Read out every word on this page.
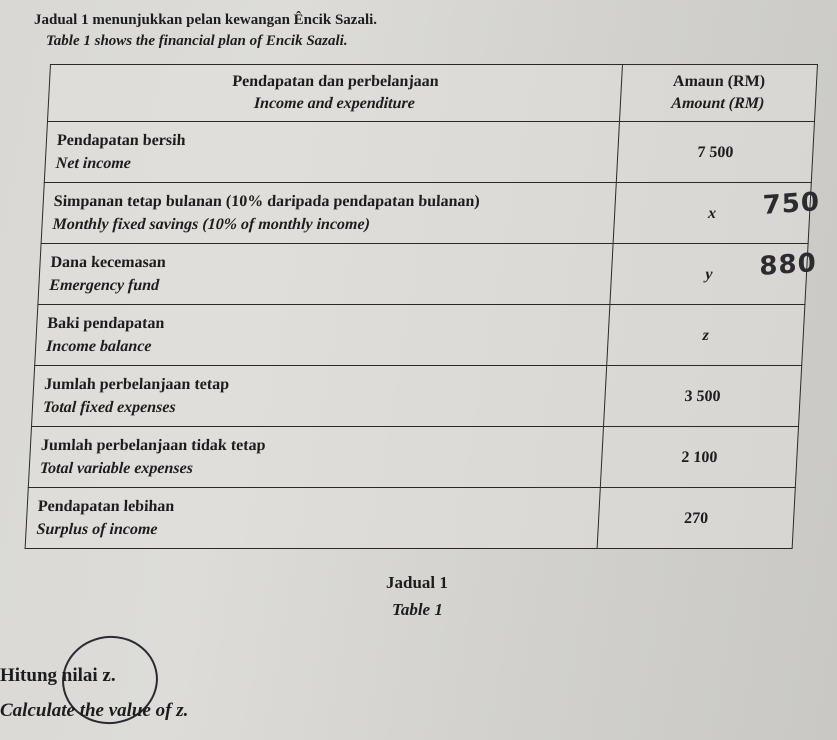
Jadual 1 menunjukkan pelan kewangan Êncik Sazali.
Table 1 shows the financial plan of Encik Sazali.
Pendapatan dan perbelanjaan
Income and expenditure	Amaun (RM)
Amount (RM)

Pendapatan bersih
Net income	7 500

Simpanan tetap bulanan (10% daripada pendapatan bulanan)
Monthly fixed savings (10% of monthly income)	x 750

Dana kecemasan
Emergency fund	y 880

Baki pendapatan
Income balance	z

Jumlah perbelanjaan tetap
Total fixed expenses	3 500

Jumlah perbelanjaan tidak tetap
Total variable expenses	2 100

Pendapatan lebihan
Surplus of income	270
Jadual 1
Table 1
Hitung nilai z.
Calculate the value of z.
